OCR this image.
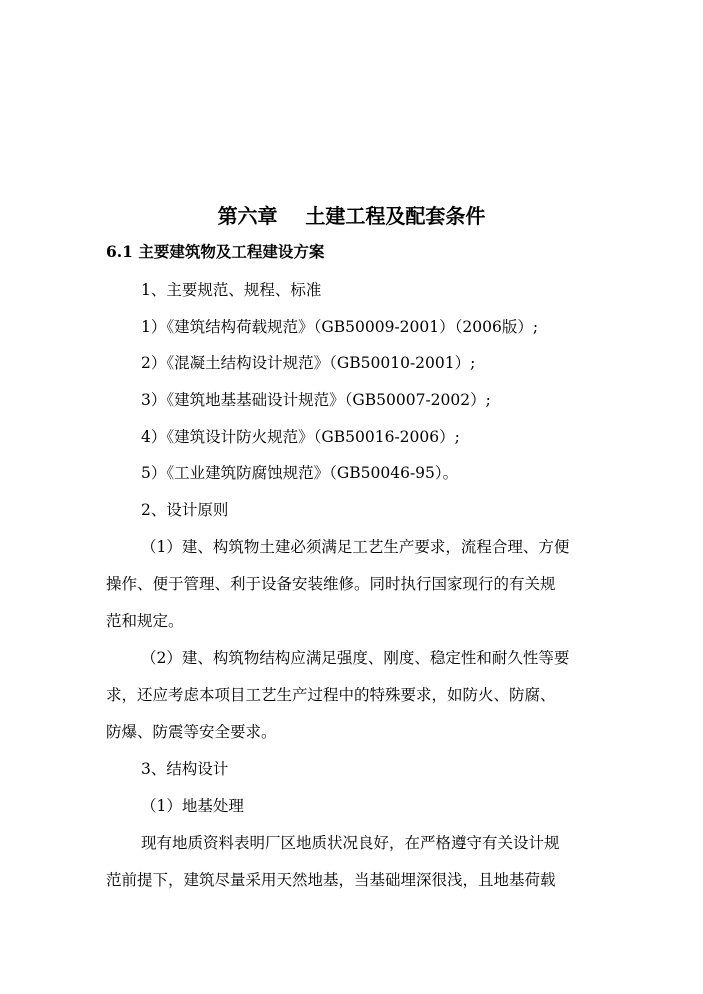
第六章    土建工程及配套条件
6.1 主要建筑物及工程建设方案
1、主要规范、规程、标准
1）《建筑结构荷载规范》（GB50009-2001）（2006版）;
2）《混凝土结构设计规范》（GB50010-2001）;
3）《建筑地基基础设计规范》（GB50007-2002）;
4）《建筑设计防火规范》（GB50016-2006）;
5）《工业建筑防腐蚀规范》（GB50046-95）。
2、设计原则
（1）建、构筑物土建必须满足工艺生产要求，流程合理、方便
操作、便于管理、利于设备安装维修。同时执行国家现行的有关规
范和规定。
（2）建、构筑物结构应满足强度、刚度、稳定性和耐久性等要
求，还应考虑本项目工艺生产过程中的特殊要求，如防火、防腐、
防爆、防震等安全要求。
3、结构设计
（1）地基处理
现有地质资料表明厂区地质状况良好，在严格遵守有关设计规
范前提下，建筑尽量采用天然地基，当基础埋深很浅，且地基荷载
